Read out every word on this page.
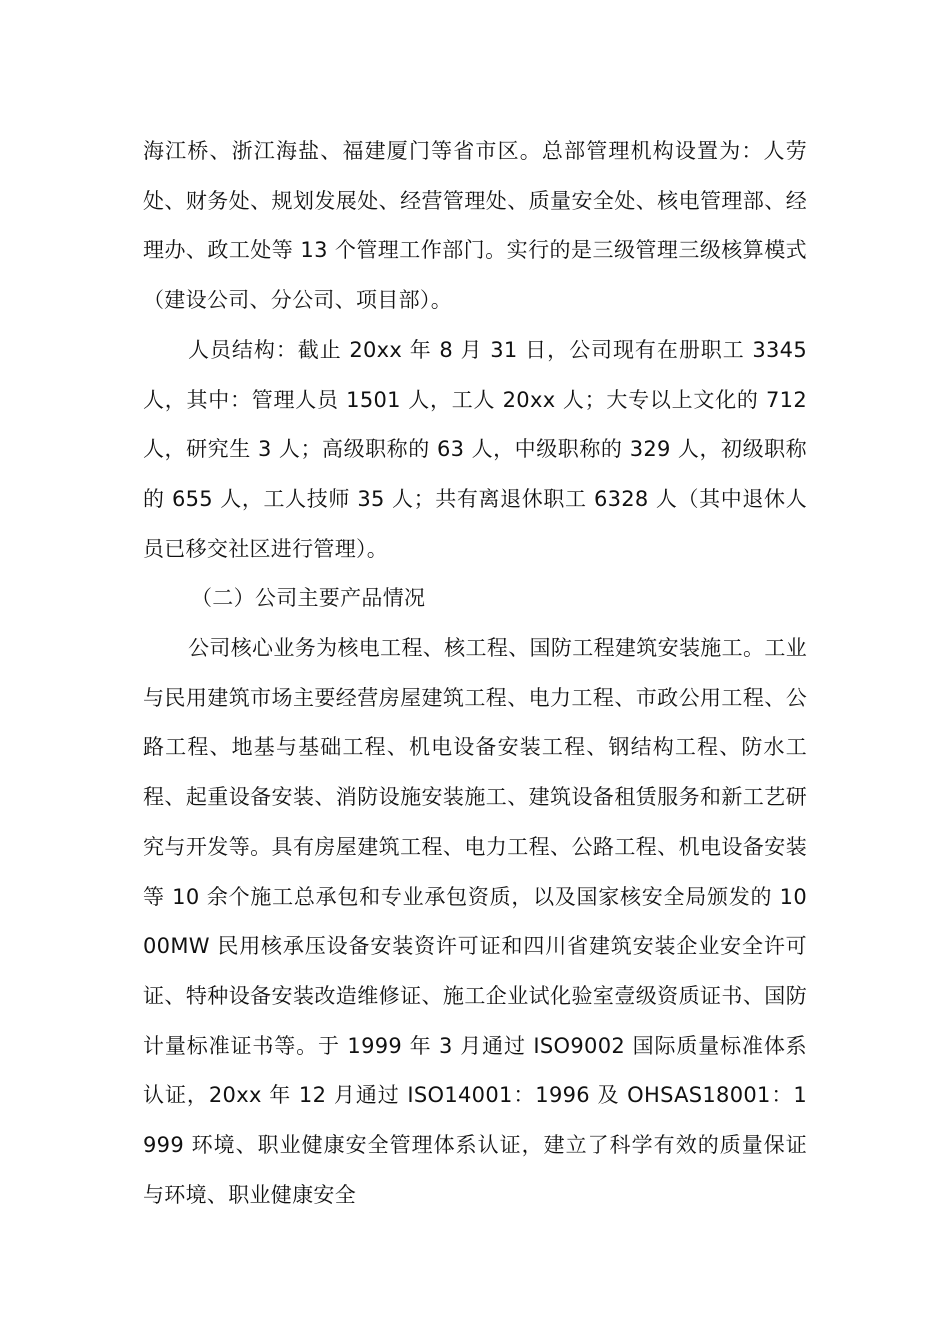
海江桥、浙江海盐、福建厦门等省市区。总部管理机构设置为：人劳处、财务处、规划发展处、经营管理处、质量安全处、核电管理部、经理办、政工处等 13 个管理工作部门。实行的是三级管理三级核算模式（建设公司、分公司、项目部）。

人员结构：截止 20xx 年 8 月 31 日，公司现有在册职工 3345 人，其中：管理人员 1501 人，工人 20xx 人；大专以上文化的 712 人，研究生 3 人；高级职称的 63 人，中级职称的 329 人，初级职称的 655 人，工人技师 35 人；共有离退休职工 6328 人（其中退休人员已移交社区进行管理）。

（二）公司主要产品情况

公司核心业务为核电工程、核工程、国防工程建筑安装施工。工业与民用建筑市场主要经营房屋建筑工程、电力工程、市政公用工程、公路工程、地基与基础工程、机电设备安装工程、钢结构工程、防水工程、起重设备安装、消防设施安装施工、建筑设备租赁服务和新工艺研究与开发等。具有房屋建筑工程、电力工程、公路工程、机电设备安装等 10 余个施工总承包和专业承包资质，以及国家核安全局颁发的 1000MW 民用核承压设备安装资许可证和四川省建筑安装企业安全许可证、特种设备安装改造维修证、施工企业试化验室壹级资质证书、国防计量标准证书等。于 1999 年 3 月通过 ISO9002 国际质量标准体系认证，20xx 年 12 月通过 ISO14001：1996 及 OHSAS18001：1999 环境、职业健康安全管理体系认证，建立了科学有效的质量保证与环境、职业健康安全
